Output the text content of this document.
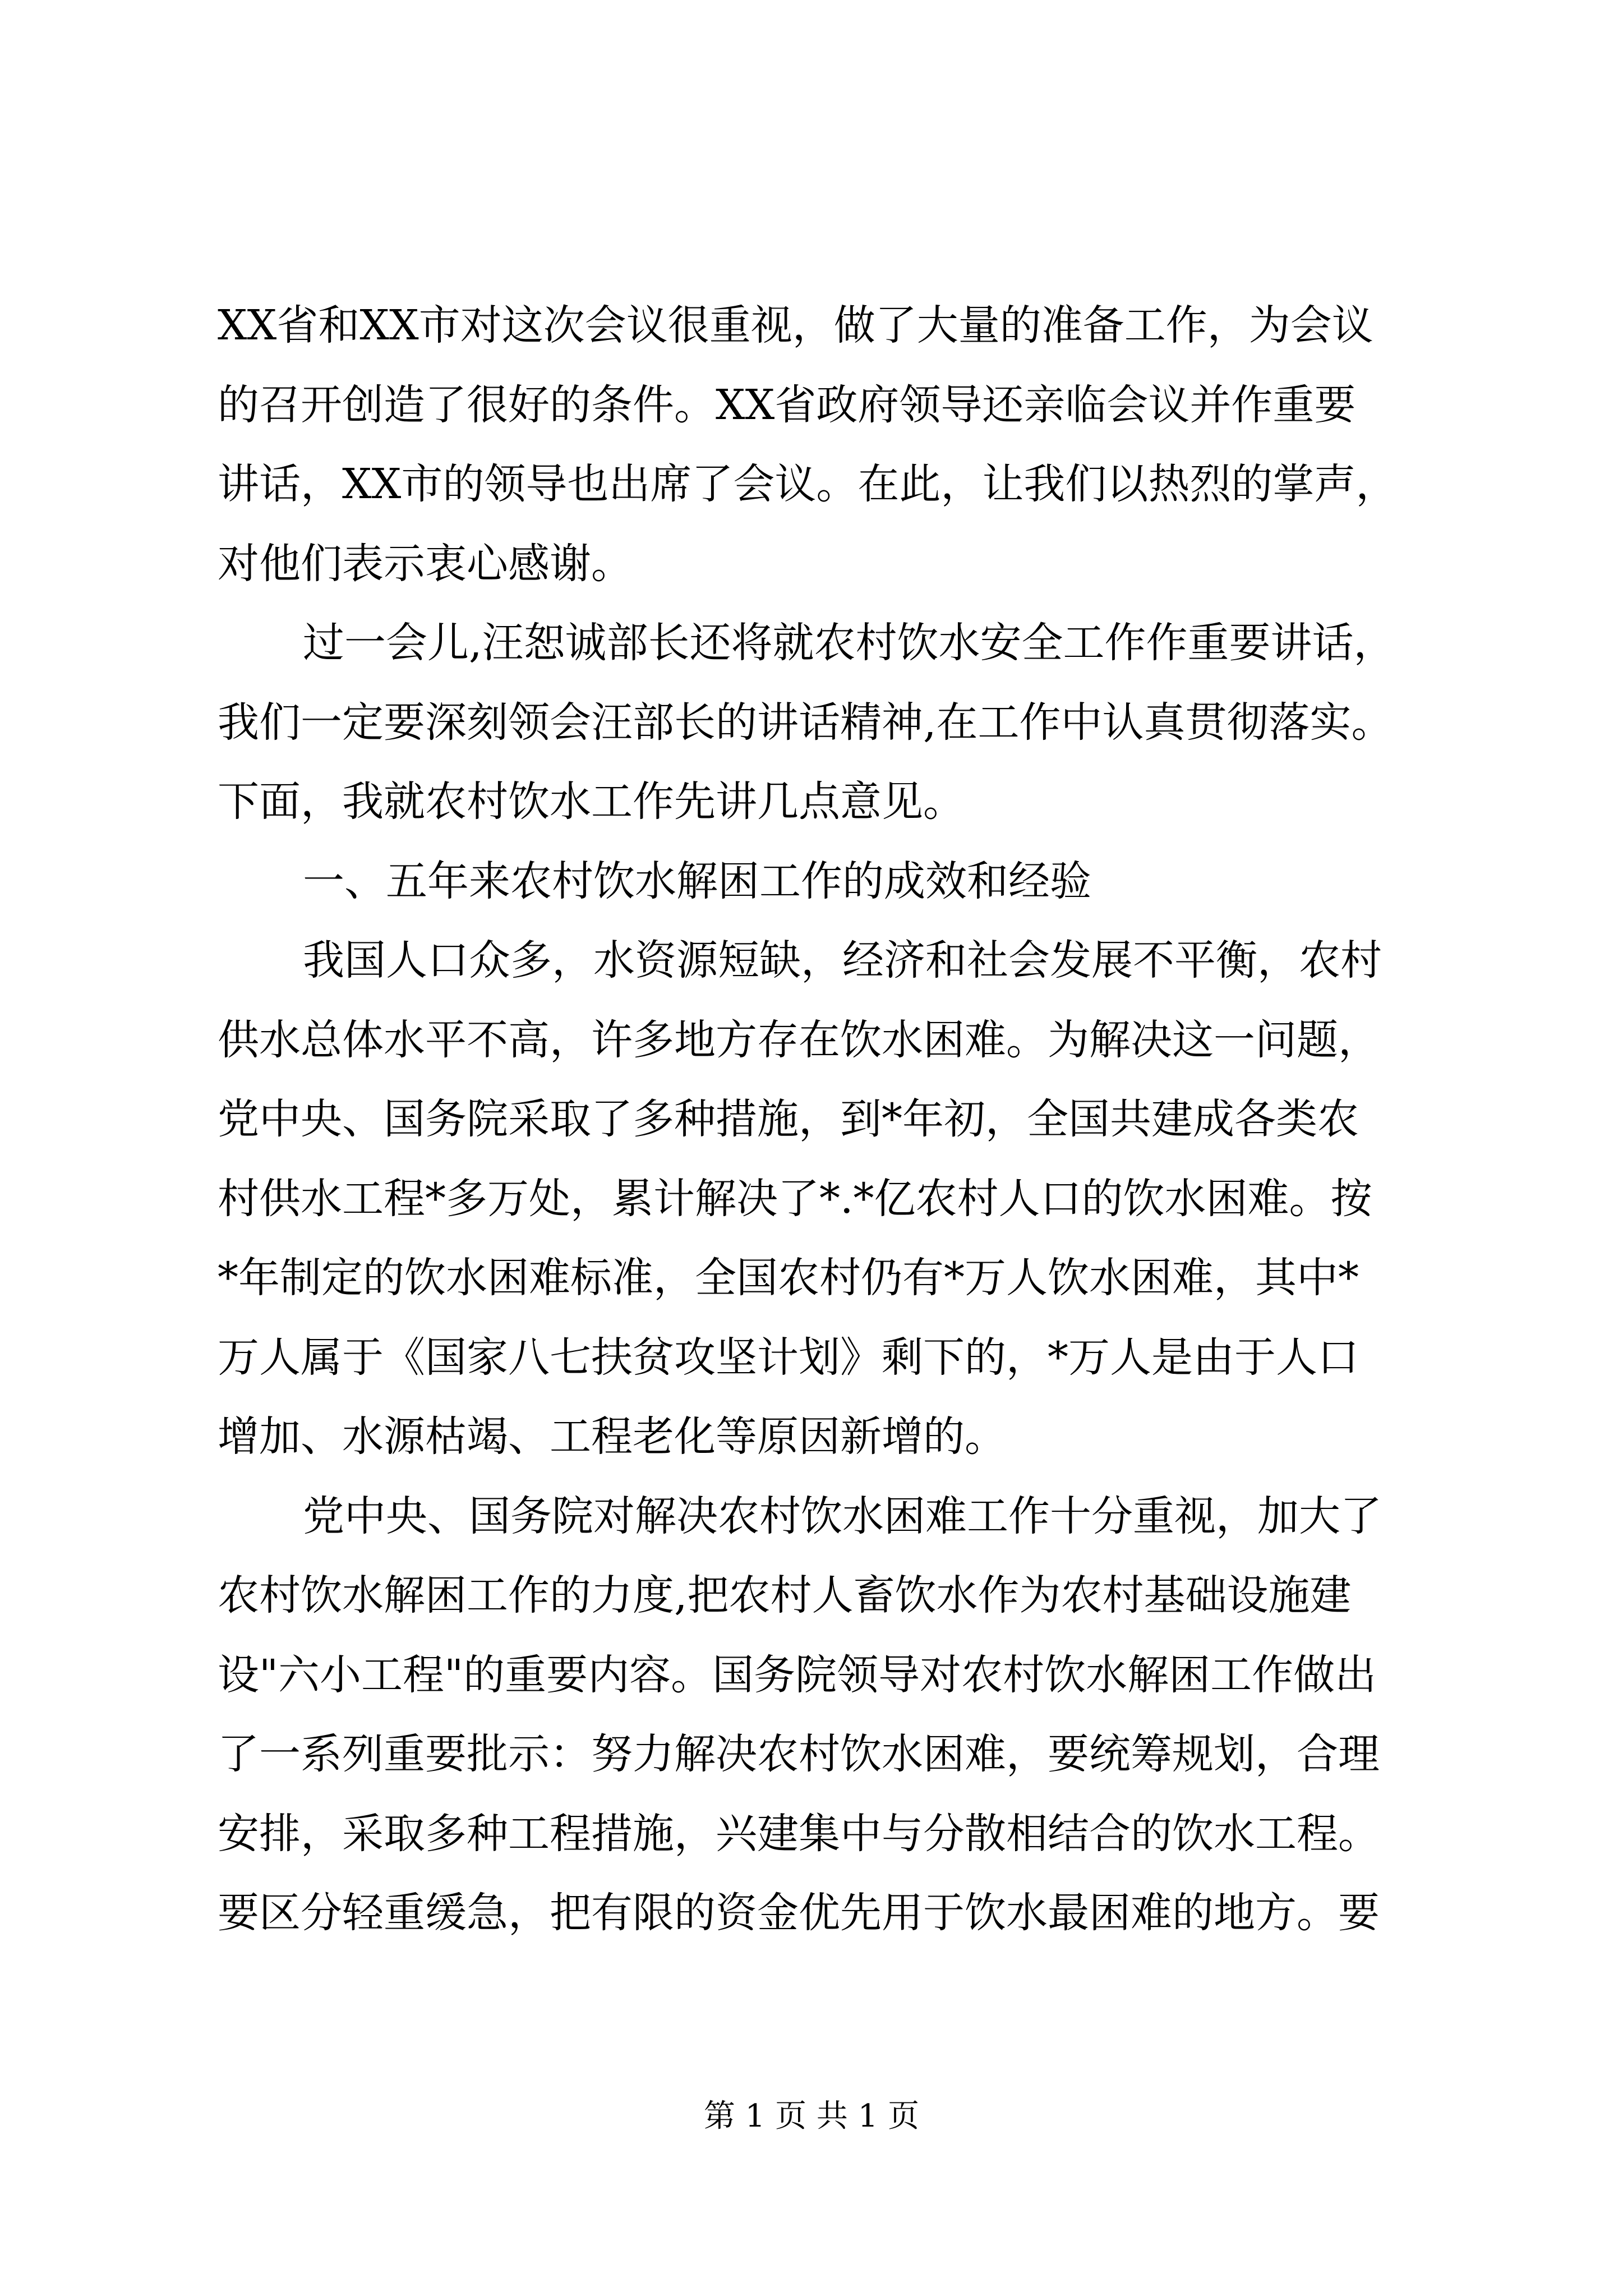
XX省和XX市对这次会议很重视，做了大量的准备工作，为会议
的召开创造了很好的条件。XX省政府领导还亲临会议并作重要
讲话，XX市的领导也出席了会议。在此，让我们以热烈的掌声，
对他们表示衷心感谢。
过一会儿,汪恕诚部长还将就农村饮水安全工作作重要讲话，
我们一定要深刻领会汪部长的讲话精神,在工作中认真贯彻落实。
下面，我就农村饮水工作先讲几点意见。
一、五年来农村饮水解困工作的成效和经验
我国人口众多，水资源短缺，经济和社会发展不平衡，农村
供水总体水平不高，许多地方存在饮水困难。为解决这一问题，
党中央、国务院采取了多种措施，到*年初，全国共建成各类农
村供水工程*多万处，累计解决了*.*亿农村人口的饮水困难。按
*年制定的饮水困难标准，全国农村仍有*万人饮水困难，其中*
万人属于《国家八七扶贫攻坚计划》剩下的，*万人是由于人口
增加、水源枯竭、工程老化等原因新增的。
党中央、国务院对解决农村饮水困难工作十分重视，加大了
农村饮水解困工作的力度,把农村人畜饮水作为农村基础设施建
设"六小工程"的重要内容。国务院领导对农村饮水解困工作做出
了一系列重要批示：努力解决农村饮水困难，要统筹规划，合理
安排，采取多种工程措施，兴建集中与分散相结合的饮水工程。
要区分轻重缓急，把有限的资金优先用于饮水最困难的地方。要
第 1 页 共 1 页
